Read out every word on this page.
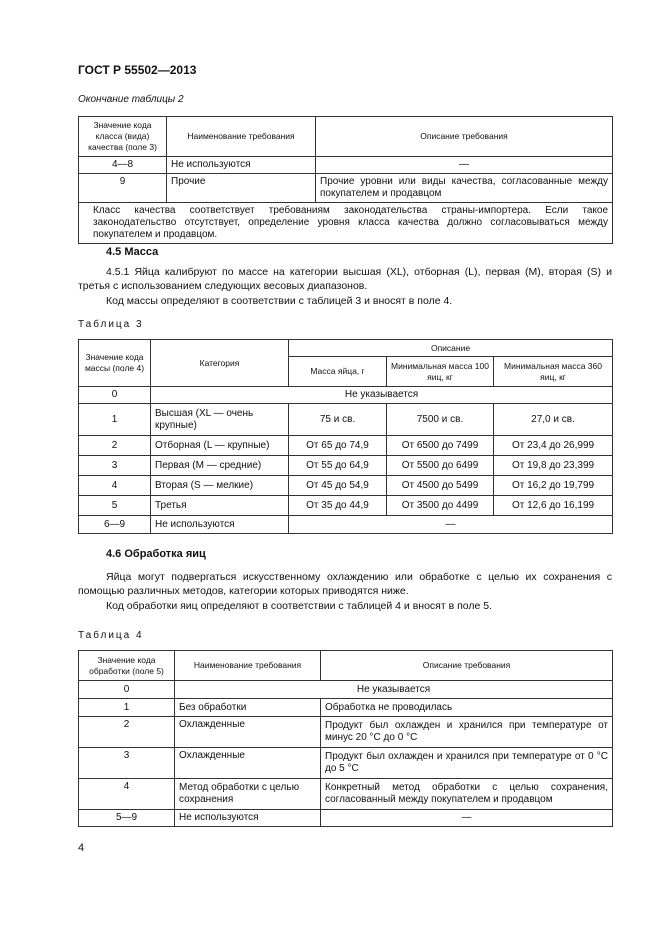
ГОСТ Р 55502—2013
Окончание таблицы 2
Значение кода класса (вида) качества (поле 3)	Наименование требования	Описание требования
4—8	Не используются	—
9	Прочие	Прочие уровни или виды качества, согласованные между покупателем и продавцом
Класс качества соответствует требованиям законодательства страны-импортера. Если такое законодательство отсутствует, определение уровня класса качества должно согласовываться между покупателем и продавцом.		
4.5 Масса
4.5.1 Яйца калибруют по массе на категории высшая (XL), отборная (L), первая (M), вторая (S) и третья с использованием следующих весовых диапазонов.
Код массы определяют в соответствии с таблицей 3 и вносят в поле 4.
Таблица 3
Значение кода массы (поле 4)	Категория	Описание		
		Масса яйца, г	Минимальная масса 100 яиц, кг	Минимальная масса 360 яиц, кг
0	Не указывается			
1	Высшая (XL — очень крупные)	75 и св.	7500 и св.	27,0 и св.
2	Отборная (L — крупные)	От 65 до 74,9	От 6500 до 7499	От 23,4 до 26,999
3	Первая (М — средние)	От 55 до 64,9	От 5500 до 6499	От 19,8 до 23,399
4	Вторая (S — мелкие)	От 45 до 54,9	От 4500 до 5499	От 16,2 до 19,799
5	Третья	От 35 до 44,9	От 3500 до 4499	От 12,6 до 16,199
6—9	Не используются	—		
4.6 Обработка яиц
Яйца могут подвергаться искусственному охлаждению или обработке с целью их сохранения с помощью различных методов, категории которых приводятся ниже.
Код обработки яиц определяют в соответствии с таблицей 4 и вносят в поле 5.
Таблица 4
Значение кода обработки (поле 5)	Наименование требования	Описание требования
0	Не указывается	
1	Без обработки	Обработка не проводилась
2	Охлажденные	Продукт был охлажден и хранился при температуре от минус 20 °С до 0 °С
3	Охлажденные	Продукт был охлажден и хранился при температуре от 0 °С до 5 °С
4	Метод обработки с целью сохранения	Конкретный метод обработки с целью сохранения, согласованный между покупателем и продавцом
5—9	Не используются	—
4
